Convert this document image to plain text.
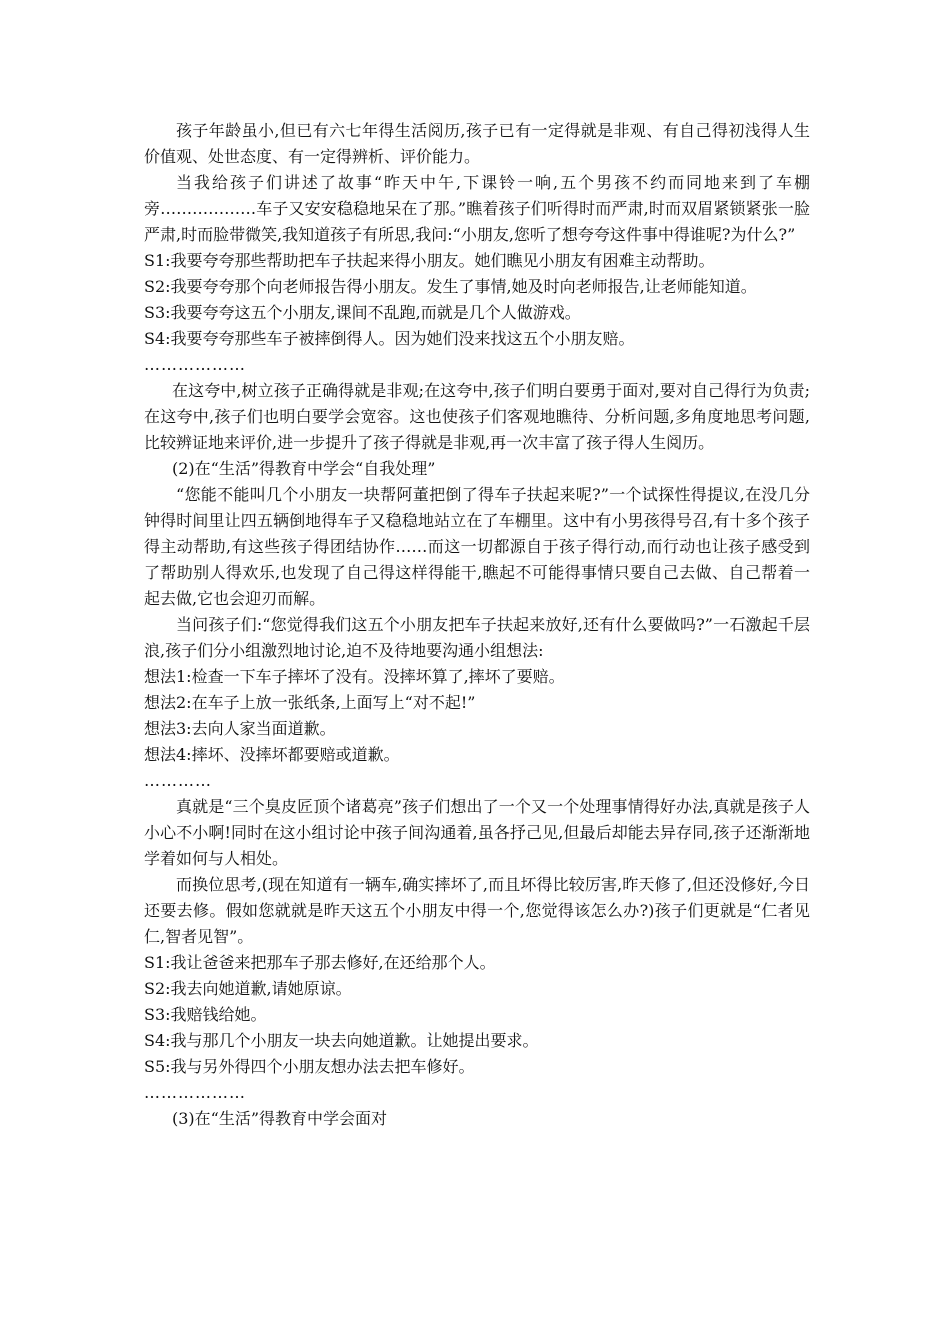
孩子年龄虽小,但已有六七年得生活阅历,孩子已有一定得就是非观、有自己得初浅得人生价值观、处世态度、有一定得辨析、评价能力。

当我给孩子们讲述了故事“昨天中午,下课铃一响,五个男孩不约而同地来到了车棚旁………………车子又安安稳稳地呆在了那。”瞧着孩子们听得时而严肃,时而双眉紧锁紧张一脸严肃,时而脸带微笑,我知道孩子有所思,我问:“小朋友,您听了想夸夸这件事中得谁呢?为什么?”

S1:我要夸夸那些帮助把车子扶起来得小朋友。她们瞧见小朋友有困难主动帮助。

S2:我要夸夸那个向老师报告得小朋友。发生了事情,她及时向老师报告,让老师能知道。

S3:我要夸夸这五个小朋友,课间不乱跑,而就是几个人做游戏。

S4:我要夸夸那些车子被摔倒得人。因为她们没来找这五个小朋友赔。

………………

在这夸中,树立孩子正确得就是非观;在这夸中,孩子们明白要勇于面对,要对自己得行为负责;在这夸中,孩子们也明白要学会宽容。这也使孩子们客观地瞧待、分析问题,多角度地思考问题,比较辨证地来评价,进一步提升了孩子得就是非观,再一次丰富了孩子得人生阅历。

(2)在“生活”得教育中学会“自我处理”

“您能不能叫几个小朋友一块帮阿董把倒了得车子扶起来呢?”一个试探性得提议,在没几分钟得时间里让四五辆倒地得车子又稳稳地站立在了车棚里。这中有小男孩得号召,有十多个孩子得主动帮助,有这些孩子得团结协作……而这一切都源自于孩子得行动,而行动也让孩子感受到了帮助别人得欢乐,也发现了自己得这样得能干,瞧起不可能得事情只要自己去做、自己帮着一起去做,它也会迎刃而解。

当问孩子们:“您觉得我们这五个小朋友把车子扶起来放好,还有什么要做吗?”一石激起千层浪,孩子们分小组激烈地讨论,迫不及待地要沟通小组想法:

想法1:检查一下车子摔坏了没有。没摔坏算了,摔坏了要赔。

想法2:在车子上放一张纸条,上面写上“对不起!”

想法3:去向人家当面道歉。

想法4:摔坏、没摔坏都要赔或道歉。

…………

真就是“三个臭皮匠顶个诸葛亮”孩子们想出了一个又一个处理事情得好办法,真就是孩子人小心不小啊!同时在这小组讨论中孩子间沟通着,虽各抒己见,但最后却能去异存同,孩子还渐渐地学着如何与人相处。

而换位思考,(现在知道有一辆车,确实摔坏了,而且坏得比较厉害,昨天修了,但还没修好,今日还要去修。假如您就就是昨天这五个小朋友中得一个,您觉得该怎么办?)孩子们更就是“仁者见仁,智者见智”。

S1:我让爸爸来把那车子那去修好,在还给那个人。

S2:我去向她道歉,请她原谅。

S3:我赔钱给她。

S4:我与那几个小朋友一块去向她道歉。让她提出要求。

S5:我与另外得四个小朋友想办法去把车修好。

………………

(3)在“生活”得教育中学会面对
